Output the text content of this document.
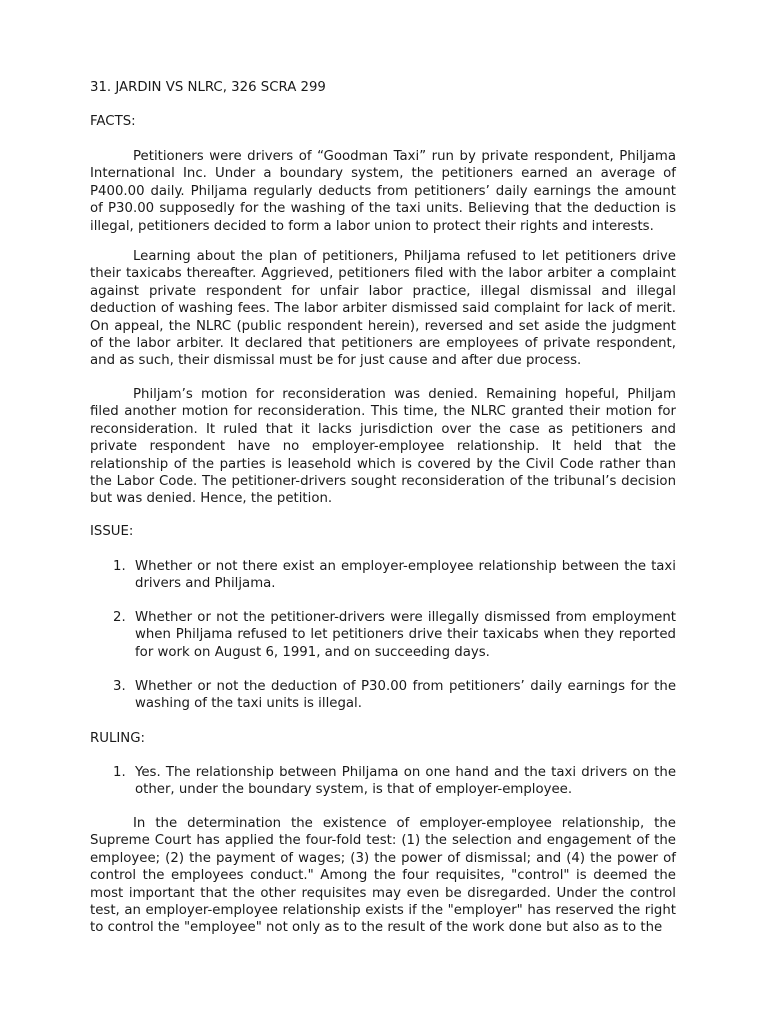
31. JARDIN VS NLRC, 326 SCRA 299
FACTS:

Petitioners were drivers of “Goodman Taxi” run by private respondent, Philjama International Inc. Under a boundary system, the petitioners earned an average of P400.00 daily. Philjama regularly deducts from petitioners’ daily earnings the amount of P30.00 supposedly for the washing of the taxi units. Believing that the deduction is illegal, petitioners decided to form a labor union to protect their rights and interests.

Learning about the plan of petitioners, Philjama refused to let petitioners drive their taxicabs thereafter. Aggrieved, petitioners filed with the labor arbiter a complaint against private respondent for unfair labor practice, illegal dismissal and illegal deduction of washing fees. The labor arbiter dismissed said complaint for lack of merit. On appeal, the NLRC (public respondent herein), reversed and set aside the judgment of the labor arbiter. It declared that petitioners are employees of private respondent, and as such, their dismissal must be for just cause and after due process.

Philjam’s motion for reconsideration was denied. Remaining hopeful, Philjam filed another motion for reconsideration. This time, the NLRC granted their motion for reconsideration. It ruled that it lacks jurisdiction over the case as petitioners and private respondent have no employer-employee relationship. It held that the relationship of the parties is leasehold which is covered by the Civil Code rather than the Labor Code. The petitioner-drivers sought reconsideration of the tribunal’s decision but was denied. Hence, the petition.

ISSUE:
1. Whether or not there exist an employer-employee relationship between the taxi drivers and Philjama.
2. Whether or not the petitioner-drivers were illegally dismissed from employment when Philjama refused to let petitioners drive their taxicabs when they reported for work on August 6, 1991, and on succeeding days.
3. Whether or not the deduction of P30.00 from petitioners’ daily earnings for the washing of the taxi units is illegal.
RULING:
1. Yes. The relationship between Philjama on one hand and the taxi drivers on the other, under the boundary system, is that of employer-employee.

In the determination the existence of employer-employee relationship, the Supreme Court has applied the four-fold test: (1) the selection and engagement of the employee; (2) the payment of wages; (3) the power of dismissal; and (4) the power of control the employees conduct." Among the four requisites, "control" is deemed the most important that the other requisites may even be disregarded. Under the control test, an employer-employee relationship exists if the "employer" has reserved the right to control the "employee" not only as to the result of the work done but also as to the
